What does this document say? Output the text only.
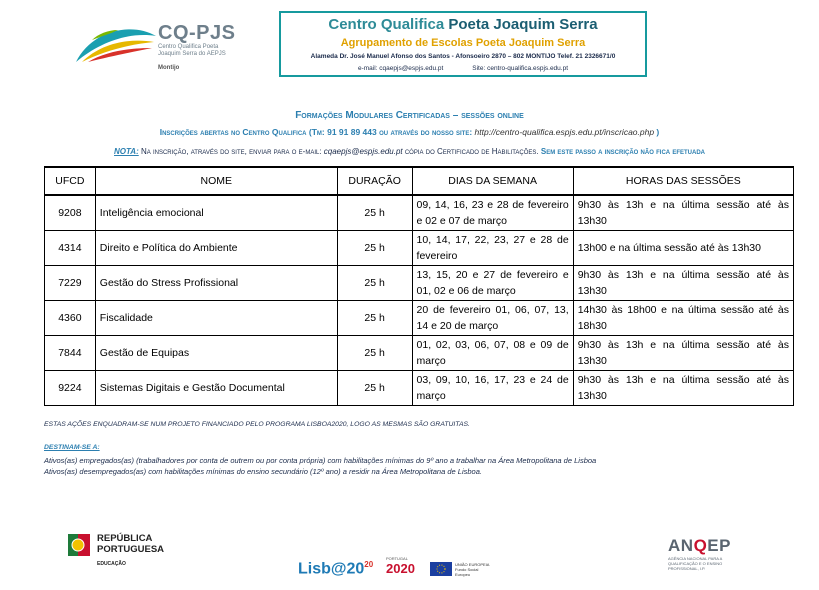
CQ-PJS
Centro Qualifica Poeta Joaquim Serra do AEPJS
Montijo
Centro Qualifica Poeta Joaquim Serra
Agrupamento de Escolas Poeta Joaquim Serra
Alameda Dr. José Manuel Afonso dos Santos - Afonsoeiro 2870 – 802 MONTIJO Telef. 21 2326671/0
e-mail: cqaepjs@espjs.edu.pt	Site: centro-qualifica.espjs.edu.pt
Formações Modulares Certificadas – sessões online
Inscrições abertas no Centro Qualifica (Tm: 91 91 89 443 ou através do nosso site: http://centro-qualifica.espjs.edu.pt/inscricao.php )
NOTA: Na inscrição, através do site, enviar para o e-mail: cqaepjs@espjs.edu.pt cópia do Certificado de Habilitações. Sem este passo a inscrição não fica efetuada
UFCD	NOME	DURAÇÃO	DIAS DA SEMANA	HORAS DAS SESSÕES
9208	Inteligência emocional	25 h	09, 14, 16, 23 e 28 de fevereiro e 02 e 07 de março	9h30 às 13h e na última sessão até às 13h30
4314	Direito e Política do Ambiente	25 h	10, 14, 17, 22, 23, 27 e 28 de fevereiro	13h00 e na última sessão até às 13h30
7229	Gestão do Stress Profissional	25 h	13, 15, 20 e 27 de fevereiro e 01, 02 e 06 de março	9h30 às 13h e na última sessão até às 13h30
4360	Fiscalidade	25 h	20 de fevereiro 01, 06, 07, 13, 14 e 20 de março	14h30 às 18h00 e na última sessão até às 18h30
7844	Gestão de Equipas	25 h	01, 02, 03, 06, 07, 08 e 09 de março	9h30 às 13h e na última sessão até às 13h30
9224	Sistemas Digitais e Gestão Documental	25 h	03, 09, 10, 16, 17, 23 e 24 de março	9h30 às 13h e na última sessão até às 13h30
ESTAS AÇÕES ENQUADRAM-SE NUM PROJETO FINANCIADO PELO PROGRAMA LISBOA2020, LOGO AS MESMAS SÃO GRATUITAS.
DESTINAM-SE A:
Ativos(as) empregados(as) (trabalhadores por conta de outrem ou por conta própria) com habilitações mínimas do 9º ano a trabalhar na Área Metropolitana de Lisboa
Ativos(as) desempregados(as) com habilitações mínimas do ensino secundário (12º ano) a residir na Área Metropolitana de Lisboa.
REPÚBLICA
PORTUGUESA
EDUCAÇÃO	$Lisb@20^{20}$
PORTUGAL
2020	UNIÃO EUROPEIA Fundo Social Europeu
ANQEP
AGÊNCIA NACIONAL PARA A QUALIFICAÇÃO E O ENSINO PROFISSIONAL, I.P.
